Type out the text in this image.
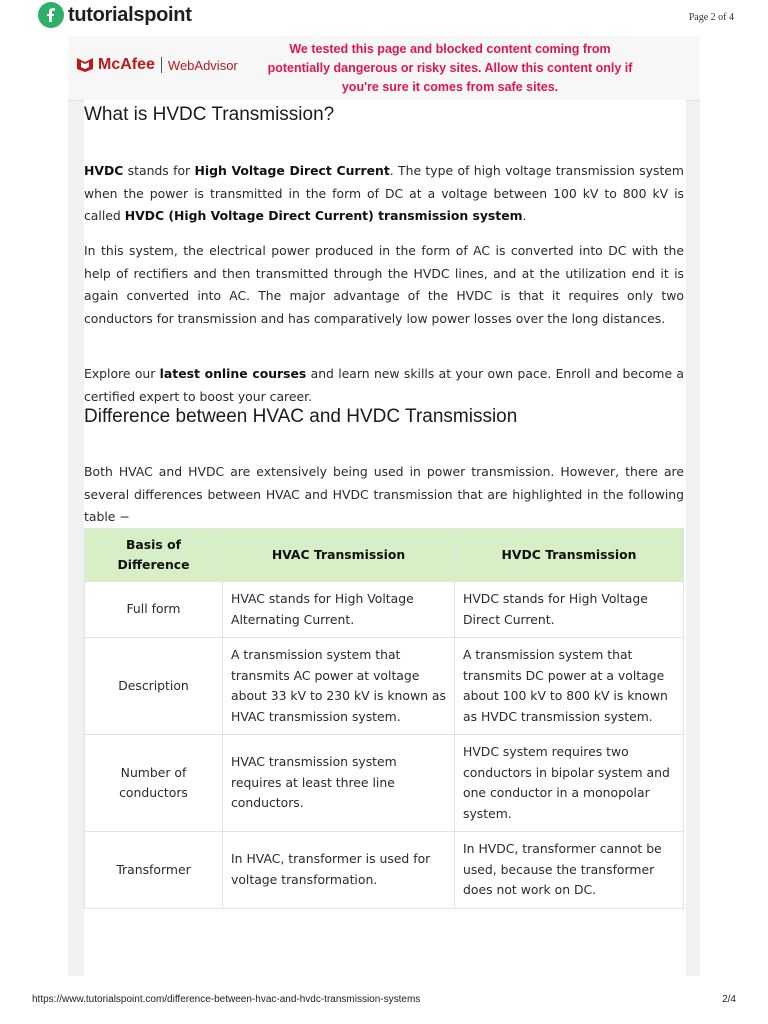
tutorialspoint	Page 2 of 4
McAfee WebAdvisor
We tested this page and blocked content coming from potentially dangerous or risky sites. Allow this content only if you're sure it comes from safe sites.
What is HVDC Transmission?

HVDC stands for High Voltage Direct Current. The type of high voltage transmission system when the power is transmitted in the form of DC at a voltage between 100 kV to 800 kV is called HVDC (High Voltage Direct Current) transmission system.

In this system, the electrical power produced in the form of AC is converted into DC with the help of rectifiers and then transmitted through the HVDC lines, and at the utilization end it is again converted into AC. The major advantage of the HVDC is that it requires only two conductors for transmission and has comparatively low power losses over the long distances.

Explore our latest online courses and learn new skills at your own pace. Enroll and become a certified expert to boost your career.

Difference between HVAC and HVDC Transmission

Both HVAC and HVDC are extensively being used in power transmission. However, there are several differences between HVAC and HVDC transmission that are highlighted in the following table −

Basis of Difference	HVAC Transmission	HVDC Transmission
Full form	HVAC stands for High Voltage Alternating Current.	HVDC stands for High Voltage Direct Current.
Description	A transmission system that transmits AC power at voltage about 33 kV to 230 kV is known as HVAC transmission system.	A transmission system that transmits DC power at a voltage about 100 kV to 800 kV is known as HVDC transmission system.
Number of conductors	HVAC transmission system requires at least three line conductors.	HVDC system requires two conductors in bipolar system and one conductor in a monopolar system.
Transformer	In HVAC, transformer is used for voltage transformation.	In HVDC, transformer cannot be used, because the transformer does not work on DC.
https://www.tutorialspoint.com/difference-between-hvac-and-hvdc-transmission-systems	2/4
